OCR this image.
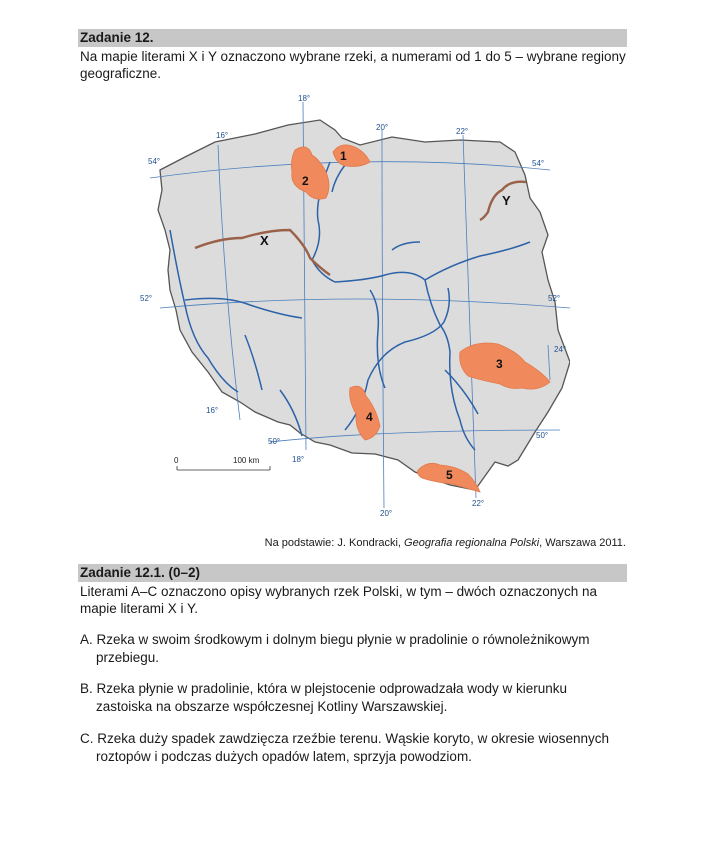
Zadanie 12.
Na mapie literami X i Y oznaczono wybrane rzeki, a numerami od 1 do 5 – wybrane regiony
geograficzne.
18°
16°
20°	22°
24°
16°
18°
20°
22°
54°	54°
52°	52°
50°
50°
X
Y
1
2
3
4
5
0	100 km
Na podstawie: J. Kondracki, Geografia regionalna Polski, Warszawa 2011.
Zadanie 12.1. (0–2)
Literami A–C oznaczono opisy wybranych rzek Polski, w tym – dwóch oznaczonych na
mapie literami X i Y.
A. Rzeka w swoim środkowym i dolnym biegu płynie w pradolinie o równoleżnikowym przebiegu.
B. Rzeka płynie w pradolinie, która w plejstocenie odprowadzała wody w kierunku zastoiska na obszarze współczesnej Kotliny Warszawskiej.
C. Rzeka duży spadek zawdzięcza rzeźbie terenu. Wąskie koryto, w okresie wiosennych roztopów i podczas dużych opadów latem, sprzyja powodziom.
